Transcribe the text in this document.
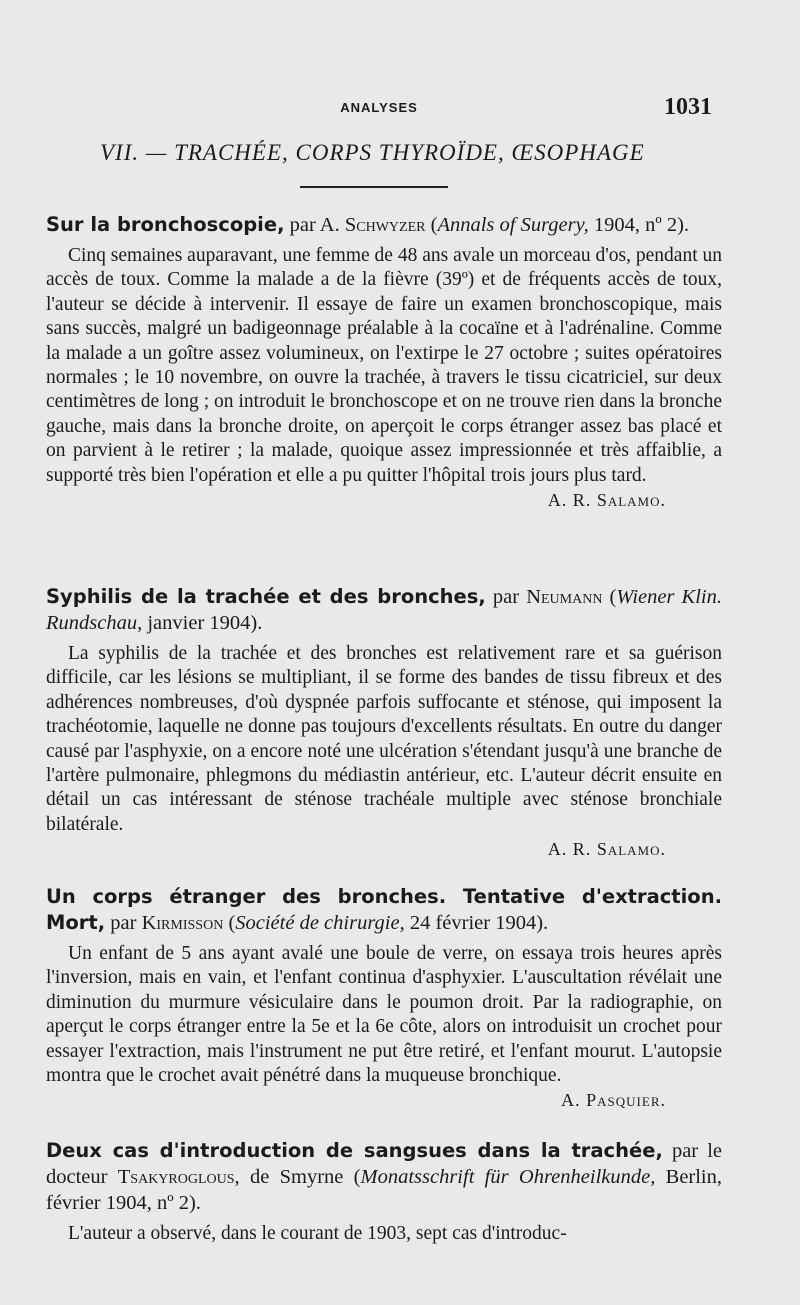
ANALYSES	1031
VII. — TRACHÉE, CORPS THYROÏDE, ŒSOPHAGE
Sur la bronchoscopie, par A. Schwyzer (Annals of Surgery, 1904, nº 2).

Cinq semaines auparavant, une femme de 48 ans avale un morceau d'os, pendant un accès de toux. Comme la malade a de la fièvre (39º) et de fréquents accès de toux, l'auteur se décide à intervenir. Il essaye de faire un examen bronchoscopique, mais sans succès, malgré un badigeonnage préalable à la cocaïne et à l'adrénaline. Comme la malade a un goître assez volumineux, on l'extirpe le 27 octobre ; suites opératoires normales ; le 10 novembre, on ouvre la trachée, à travers le tissu cicatriciel, sur deux centimètres de long ; on introduit le bronchoscope et on ne trouve rien dans la bronche gauche, mais dans la bronche droite, on aperçoit le corps étranger assez bas placé et on parvient à le retirer ; la malade, quoique assez impressionnée et très affaiblie, a supporté très bien l'opération et elle a pu quitter l'hôpital trois jours plus tard.
A. R. Salamo.

Syphilis de la trachée et des bronches, par Neumann (Wiener Klin. Rundschau, janvier 1904).

La syphilis de la trachée et des bronches est relativement rare et sa guérison difficile, car les lésions se multipliant, il se forme des bandes de tissu fibreux et des adhérences nombreuses, d'où dyspnée parfois suffocante et sténose, qui imposent la trachéotomie, laquelle ne donne pas toujours d'excellents résultats. En outre du danger causé par l'asphyxie, on a encore noté une ulcération s'étendant jusqu'à une branche de l'artère pulmonaire, phlegmons du médiastin antérieur, etc. L'auteur décrit ensuite en détail un cas intéressant de sténose trachéale multiple avec sténose bronchiale bilatérale.

A. R. Salamo.
Un corps étranger des bronches. Tentative d'extraction. Mort, par Kirmisson (Société de chirurgie, 24 février 1904).

Un enfant de 5 ans ayant avalé une boule de verre, on essaya trois heures après l'inversion, mais en vain, et l'enfant continua d'asphyxier. L'auscultation révélait une diminution du murmure vésiculaire dans le poumon droit. Par la radiographie, on aperçut le corps étranger entre la 5e et la 6e côte, alors on introduisit un crochet pour essayer l'extraction, mais l'instrument ne put être retiré, et l'enfant mourut. L'autopsie montra que le crochet avait pénétré dans la muqueuse bronchique.
A. Pasquier.

Deux cas d'introduction de sangsues dans la trachée, par le docteur Tsakyroglous, de Smyrne (Monatsschrift für Ohrenheilkunde, Berlin, février 1904, nº 2).

L'auteur a observé, dans le courant de 1903, sept cas d'introduc-
